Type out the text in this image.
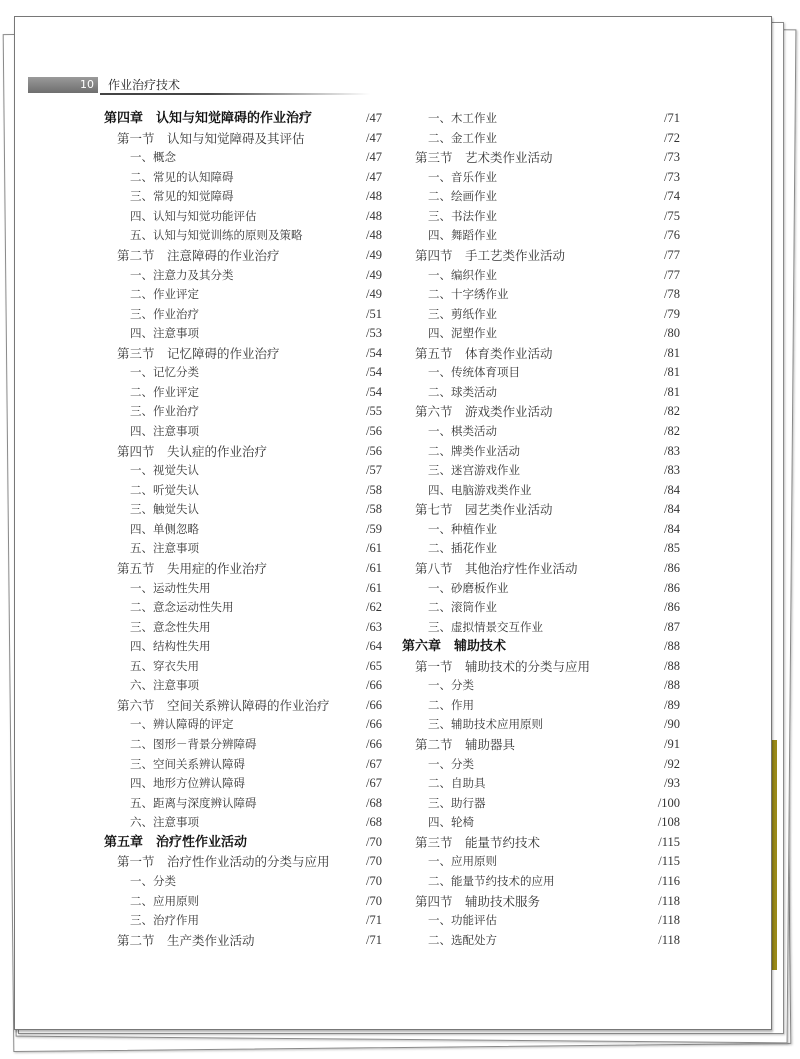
10	作业治疗技术
第四章　认知与知觉障碍的作业治疗	/47
第一节　认知与知觉障碍及其评估	/47
一、概念	/47
二、常见的认知障碍	/47
三、常见的知觉障碍	/48
四、认知与知觉功能评估	/48
五、认知与知觉训练的原则及策略	/48
第二节　注意障碍的作业治疗	/49
一、注意力及其分类	/49
二、作业评定	/49
三、作业治疗	/51
四、注意事项	/53
第三节　记忆障碍的作业治疗	/54
一、记忆分类	/54
二、作业评定	/54
三、作业治疗	/55
四、注意事项	/56
第四节　失认症的作业治疗	/56
一、视觉失认	/57
二、听觉失认	/58
三、触觉失认	/58
四、单侧忽略	/59
五、注意事项	/61
第五节　失用症的作业治疗	/61
一、运动性失用	/61
二、意念运动性失用	/62
三、意念性失用	/63
四、结构性失用	/64
五、穿衣失用	/65
六、注意事项	/66
第六节　空间关系辨认障碍的作业治疗	/66
一、辨认障碍的评定	/66
二、图形－背景分辨障碍	/66
三、空间关系辨认障碍	/67
四、地形方位辨认障碍	/67
五、距离与深度辨认障碍	/68
六、注意事项	/68
第五章　治疗性作业活动	/70
第一节　治疗性作业活动的分类与应用	/70
一、分类	/70
二、应用原则	/70
三、治疗作用	/71
第二节　生产类作业活动	/71
一、木工作业	/71
二、金工作业	/72
第三节　艺术类作业活动	/73
一、音乐作业	/73
二、绘画作业	/74
三、书法作业	/75
四、舞蹈作业	/76
第四节　手工艺类作业活动	/77
一、编织作业	/77
二、十字绣作业	/78
三、剪纸作业	/79
四、泥塑作业	/80
第五节　体育类作业活动	/81
一、传统体育项目	/81
二、球类活动	/81
第六节　游戏类作业活动	/82
一、棋类活动	/82
二、牌类作业活动	/83
三、迷宫游戏作业	/83
四、电脑游戏类作业	/84
第七节　园艺类作业活动	/84
一、种植作业	/84
二、插花作业	/85
第八节　其他治疗性作业活动	/86
一、砂磨板作业	/86
二、滚筒作业	/86
三、虚拟情景交互作业	/87
第六章　辅助技术	/88
第一节　辅助技术的分类与应用	/88
一、分类	/88
二、作用	/89
三、辅助技术应用原则	/90
第二节　辅助器具	/91
一、分类	/92
二、自助具	/93
三、助行器	/100
四、轮椅	/108
第三节　能量节约技术	/115
一、应用原则	/115
二、能量节约技术的应用	/116
第四节　辅助技术服务	/118
一、功能评估	/118
二、选配处方	/118
